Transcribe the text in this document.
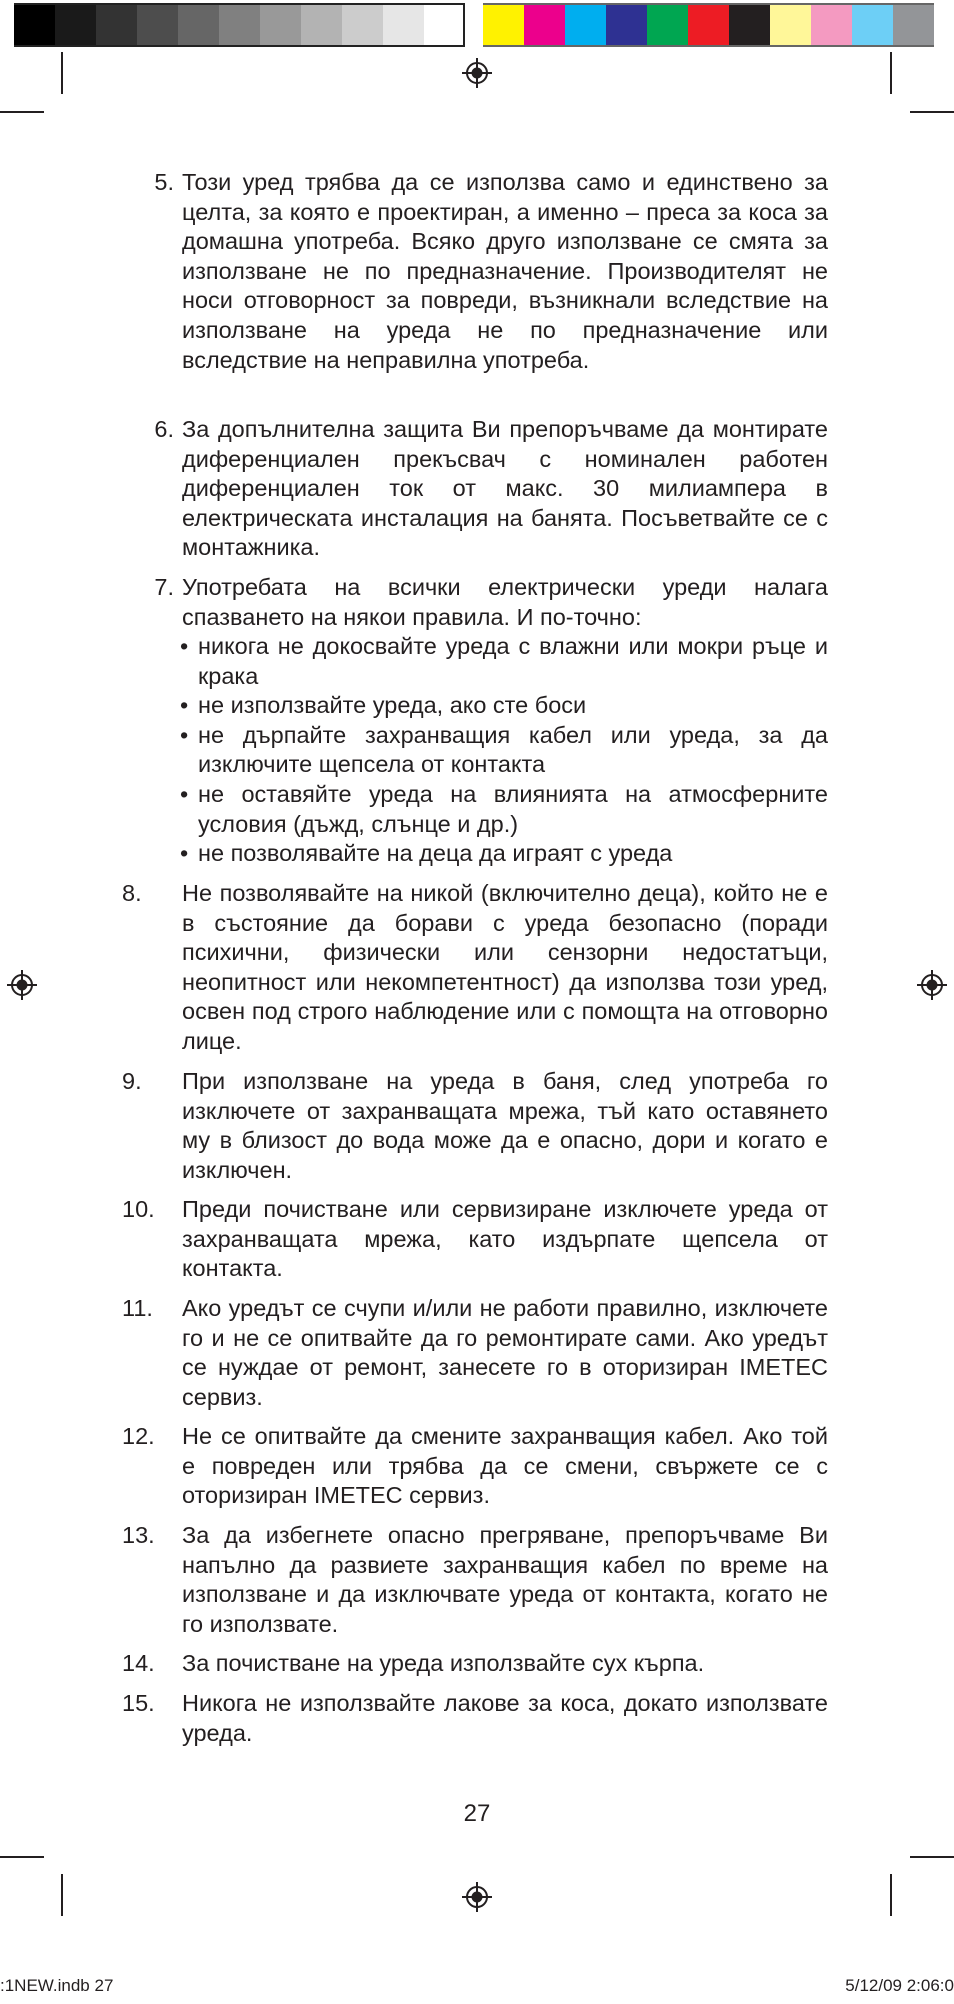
5. Този уред трябва да се използва само и единствено за целта, за която е проектиран, а именно – преса за коса за домашна употреба. Всяко друго използване се смята за използване не по предназначение. Производителят не носи отговорност за повреди, възникнали вследствие на използване на уреда не по предназначение или вследствие на неправилна употреба.
6. За допълнителна защита Ви препоръчваме да монтирате диференциален прекъсвач с номинален работен диференциален ток от макс. 30 милиампера в електрическата инсталация на банята. Посъветвайте се с монтажника.
7. Употребата на всички електрически уреди налага спазването на някои правила. И по-точно:
• никога не докосвайте уреда с влажни или мокри ръце и крака
• не използвайте уреда, ако сте боси
• не дърпайте захранващия кабел или уреда, за да изключите щепсела от контакта
• не оставяйте уреда на влиянията на атмосферните условия (дъжд, слънце и др.)
• не позволявайте на деца да играят с уреда
8.	Не позволявайте на никой (включително деца), който не е в състояние да борави с уреда безопасно (поради психични, физически или сензорни недостатъци, неопитност или некомпетентност) да използва този уред, освен под строго наблюдение или с помощта на отговорно лице.
9.	При използване на уреда в баня, след употреба го изключете от захранващата мрежа, тъй като оставянето му в близост до вода може да е опасно, дори и когато е изключен.
10. Преди почистване или сервизиране изключете уреда от захранващата мрежа, като издърпате щепсела от контакта.
11. Ако уредът се счупи и/или не работи правилно, изключете го и не се опитвайте да го ремонтирате сами. Ако уредът се нуждае от ремонт, занесете го в оторизиран IMETEC сервиз.
12. Не се опитвайте да смените захранващия кабел. Ако той е повреден или трябва да се смени, свържете се с оторизиран IMETEC сервиз.
13. За да избегнете опасно прегряване, препоръчваме Ви напълно да развиете захранващия кабел по време на използване и да изключвате уреда от контакта, когато не го използвате.
14. За почистване на уреда използвайте сух кърпа.
15. Никога не използвайте лакове за коса, докато използвате уреда.
27
:1NEW.indb 27	5/12/09 2:06:0
